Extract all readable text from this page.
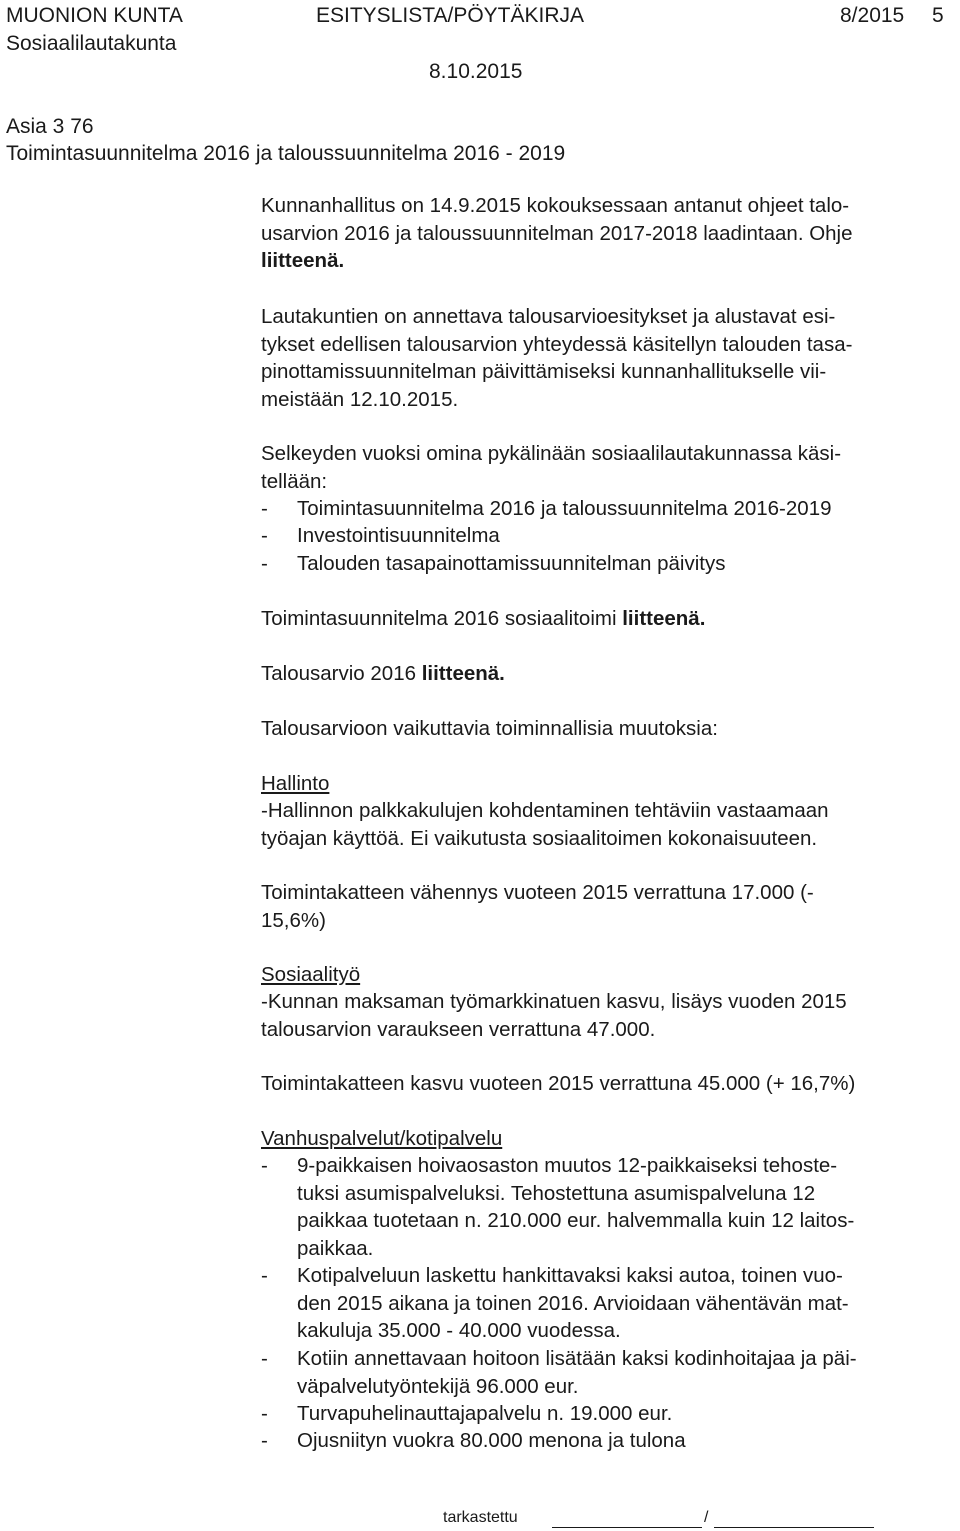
MUONION KUNTA
Sosiaalilautakunta
ESITYSLISTA/PÖYTÄKIRJA	8/2015 5
8.10.2015
Asia 3 76
Toimintasuunnitelma 2016 ja taloussuunnitelma 2016 - 2019
Kunnanhallitus on 14.9.2015 kokouksessaan antanut ohjeet talo-
usarvion 2016 ja taloussuunnitelman 2017-2018 laadintaan. Ohje
liitteenä.
Lautakuntien on annettava talousarvioesitykset ja alustavat esi-
tykset edellisen talousarvion yhteydessä käsitellyn talouden tasa-
pinottamissuunnitelman päivittämiseksi kunnanhallitukselle vii-
meistään 12.10.2015.
Selkeyden vuoksi omina pykälinään sosiaalilautakunnassa käsi-
tellään:
- Toimintasuunnitelma 2016 ja taloussuunnitelma 2016-2019
- Investointisuunnitelma
- Talouden tasapainottamissuunnitelman päivitys
Toimintasuunnitelma 2016 sosiaalitoimi liitteenä.
Talousarvio 2016 liitteenä.
Talousarvioon vaikuttavia toiminnallisia muutoksia:
Hallinto
-Hallinnon palkkakulujen kohdentaminen tehtäviin vastaamaan
työajan käyttöä. Ei vaikutusta sosiaalitoimen kokonaisuuteen.
Toimintakatteen vähennys vuoteen 2015 verrattuna 17.000 (-
15,6%)
Sosiaalityö
-Kunnan maksaman työmarkkinatuen kasvu, lisäys vuoden 2015
talousarvion varaukseen verrattuna 47.000.
Toimintakatteen kasvu vuoteen 2015 verrattuna 45.000 (+ 16,7%)
Vanhuspalvelut/kotipalvelu
- 9-paikkaisen hoivaosaston muutos 12-paikkaiseksi tehoste-
tuksi asumispalveluksi. Tehostettuna asumispalveluna 12
paikkaa tuotetaan n. 210.000 eur. halvemmalla kuin 12 laitos-
paikkaa.
- Kotipalveluun laskettu hankittavaksi kaksi autoa, toinen vuo-
den 2015 aikana ja toinen 2016. Arvioidaan vähentävän mat-
kakuluja 35.000 - 40.000 vuodessa.
- Kotiin annettavaan hoitoon lisätään kaksi kodinhoitajaa ja päi-
väpalvelutyöntekijä 96.000 eur.
- Turvapuhelinauttajapalvelu n. 19.000 eur.
- Ojusniityn vuokra 80.000 menona ja tulona
tarkastettu	/
